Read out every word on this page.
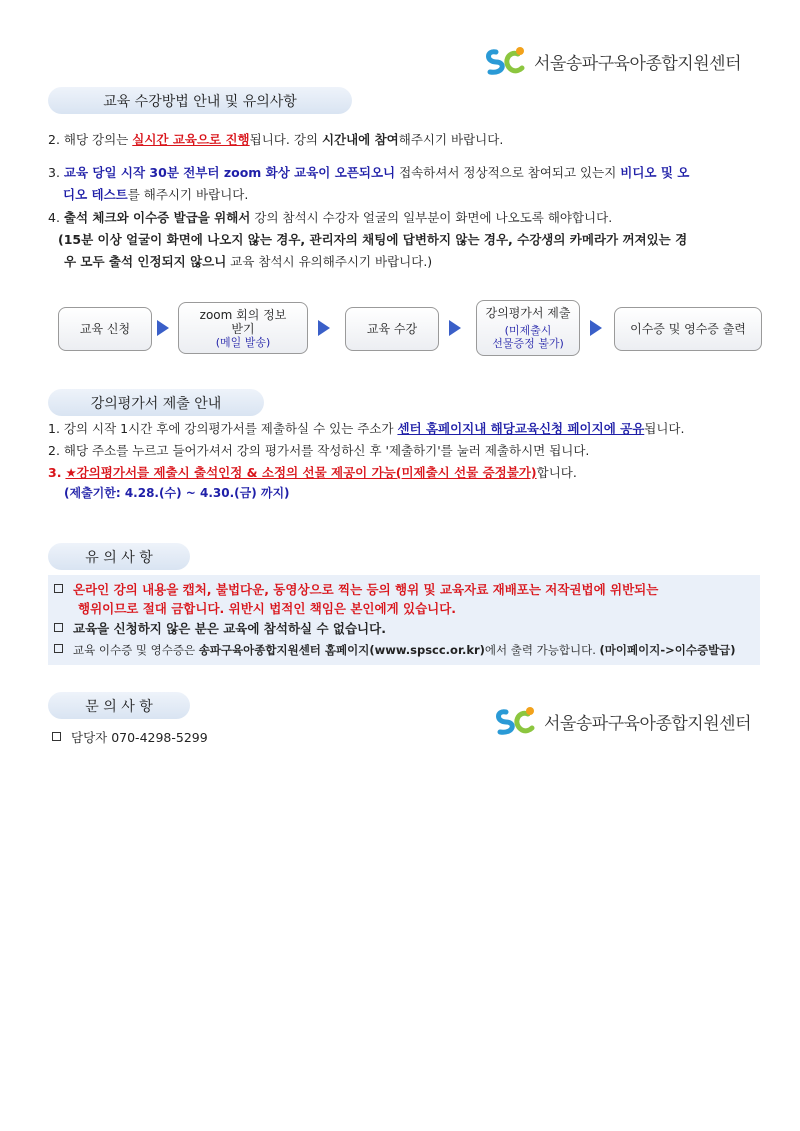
서울송파구육아종합지원센터
교육 수강방법 안내 및 유의사항
2. 해당 강의는 실시간 교육으로 진행됩니다. 강의 시간내에 참여해주시기 바랍니다.
3. 교육 당일 시작 30분 전부터 zoom 화상 교육이 오픈되오니 접속하셔서 정상적으로 참여되고 있는지 비디오 및 오
디오 테스트를 해주시기 바랍니다.
4. 출석 체크와 이수증 발급을 위해서 강의 참석시 수강자 얼굴의 일부분이 화면에 나오도록 해야합니다.
(15분 이상 얼굴이 화면에 나오지 않는 경우, 관리자의 채팅에 답변하지 않는 경우, 수강생의 카메라가 꺼져있는 경
우 모두 출석 인정되지 않으니 교육 참석시 유의해주시기 바랍니다.)
교육 신청
zoom 회의 정보
받기
(메일 발송)
교육 수강
강의평가서 제출
(미제출시
선물증정 불가)
이수증 및 영수증 출력
강의평가서 제출 안내
1. 강의 시작 1시간 후에 강의평가서를 제출하실 수 있는 주소가 센터 홈페이지내 해당교육신청 페이지에 공유됩니다.
2. 해당 주소를 누르고 들어가셔서 강의 평가서를 작성하신 후 '제출하기'를 눌러 제출하시면 됩니다.
3. ★강의평가서를 제출시 출석인정 & 소정의 선물 제공이 가능(미제출시 선물 증정불가)합니다.
(제출기한: 4.28.(수) ~ 4.30.(금) 까지)
유 의 사 항
온라인 강의 내용을 캡처, 불법다운, 동영상으로 찍는 등의 행위 및 교육자료 재배포는 저작권법에 위반되는
행위이므로 절대 금합니다. 위반시 법적인 책임은 본인에게 있습니다.
교육을 신청하지 않은 분은 교육에 참석하실 수 없습니다.
교육 이수증 및 영수증은 송파구육아종합지원센터 홈페이지(www.spscc.or.kr)에서 출력 가능합니다. (마이페이지->이수증발급)
문 의 사 항
서울송파구육아종합지원센터
담당자 070-4298-5299
